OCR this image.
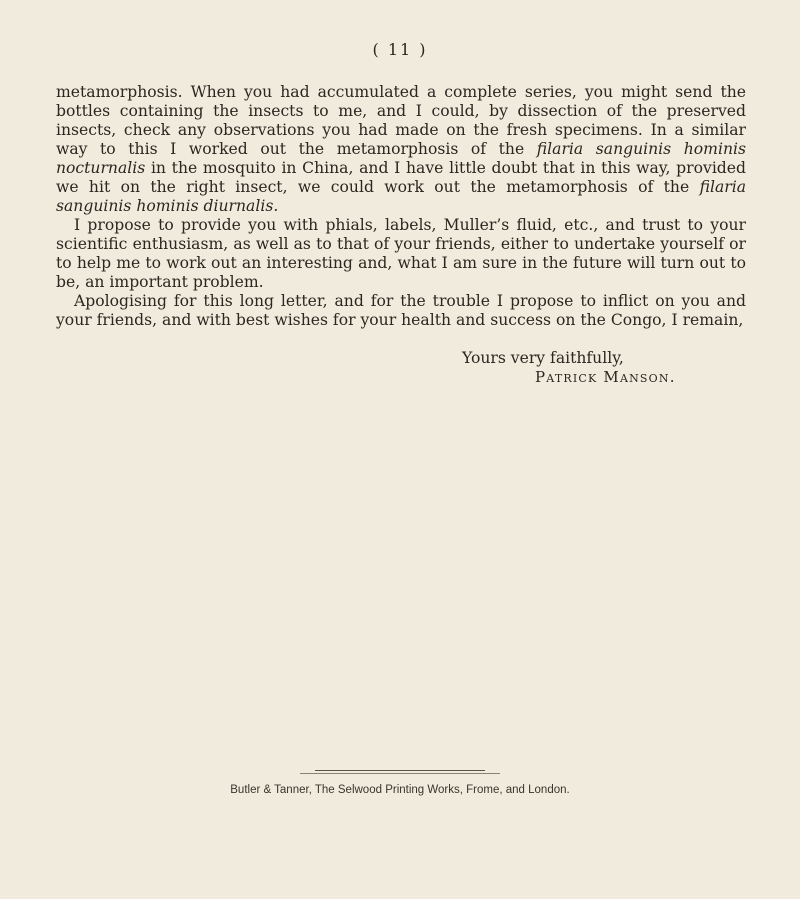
( 11 )

metamorphosis. When you had accumulated a complete series, you might send the bottles containing the insects to me, and I could, by dissection of the preserved insects, check any observations you had made on the fresh specimens. In a similar way to this I worked out the metamorphosis of the filaria sanguinis hominis nocturnalis in the mosquito in China, and I have little doubt that in this way, provided we hit on the right insect, we could work out the metamorphosis of the filaria sanguinis hominis diurnalis.

I propose to provide you with phials, labels, Muller’s fluid, etc., and trust to your scientific enthusiasm, as well as to that of your friends, either to undertake yourself or to help me to work out an interesting and, what I am sure in the future will turn out to be, an important problem.

Apologising for this long letter, and for the trouble I propose to inflict on you and your friends, and with best wishes for your health and success on the Congo, I remain,

Yours very faithfully,
Patrick Manson.
Butler & Tanner, The Selwood Printing Works, Frome, and London.
